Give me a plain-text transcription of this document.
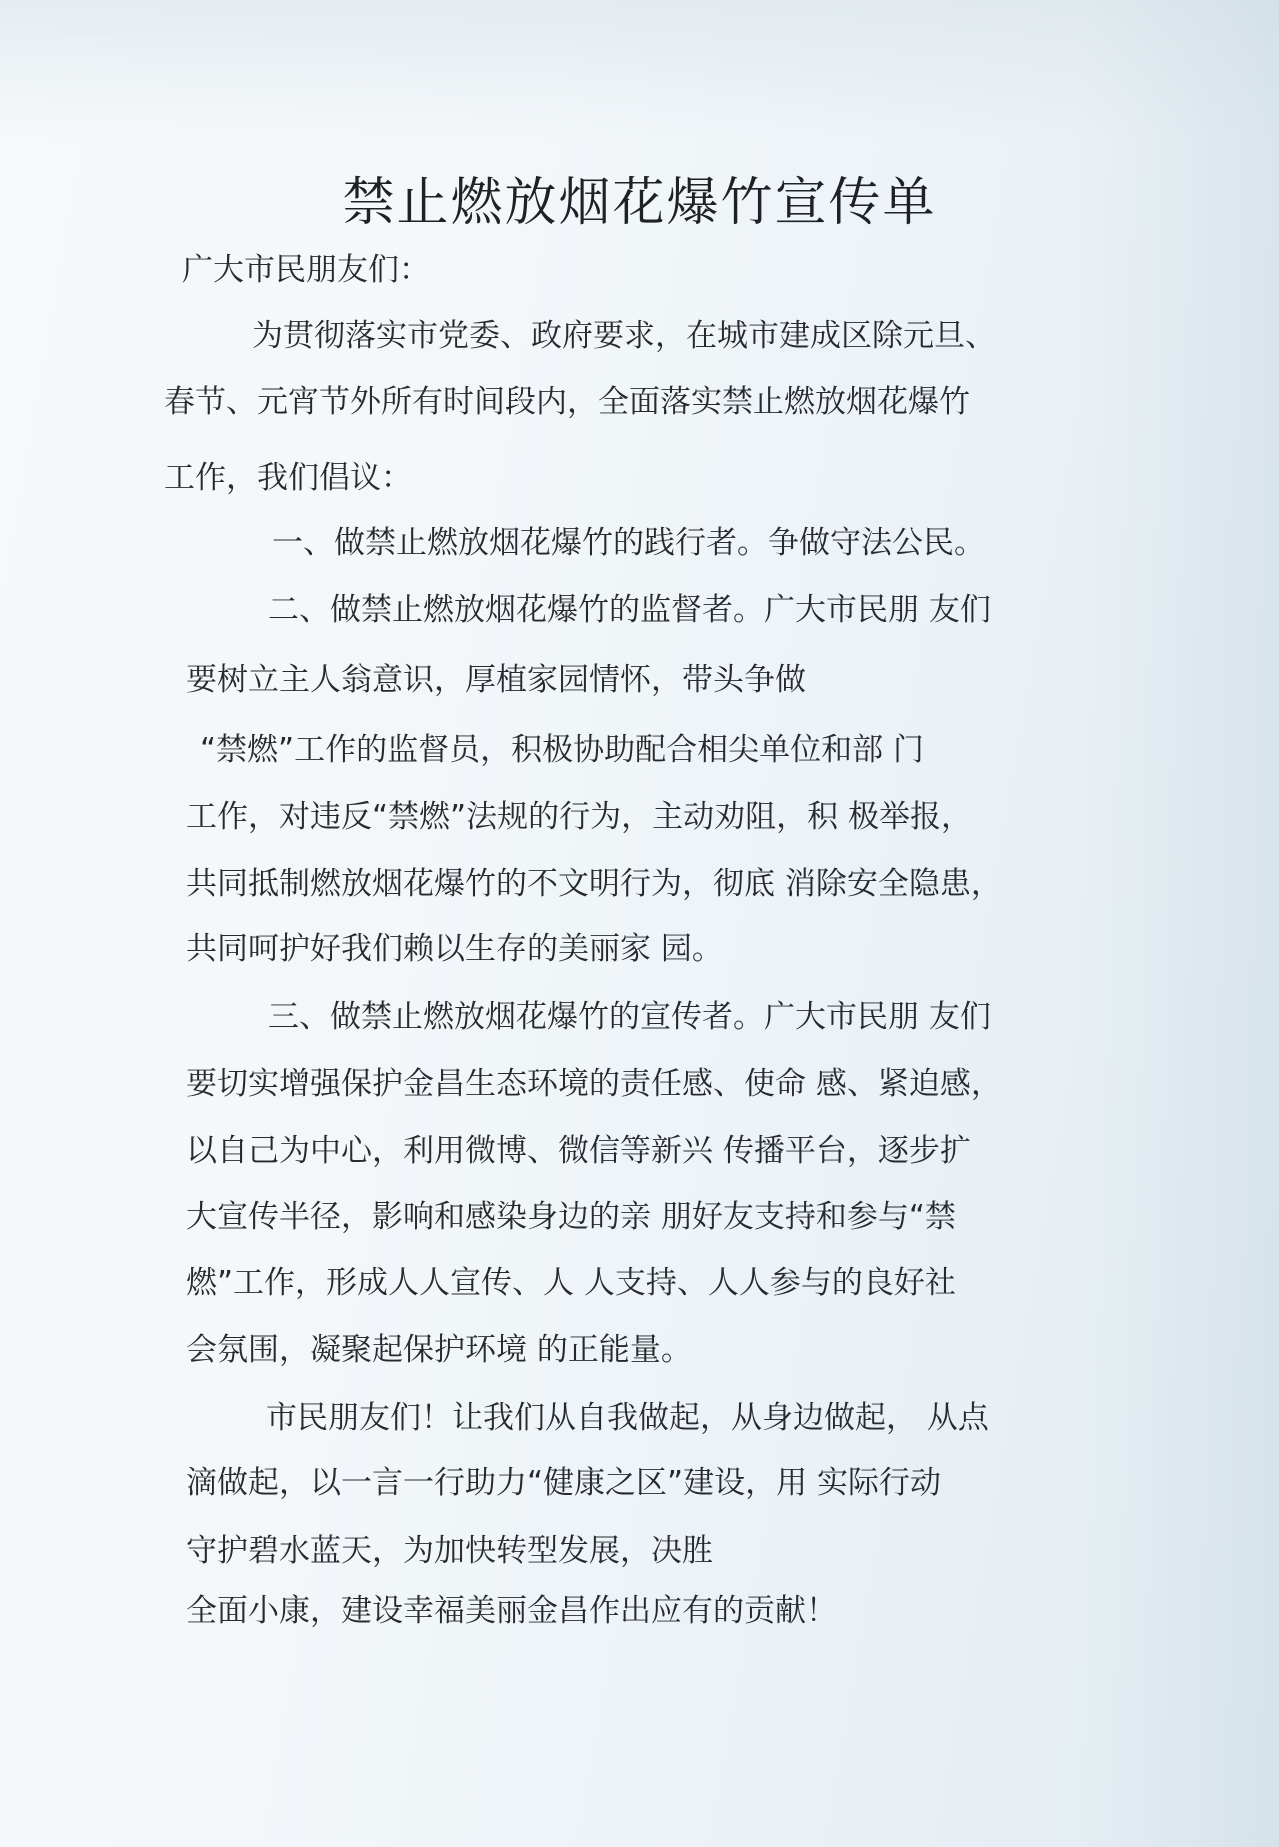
禁止燃放烟花爆竹宣传单
广大市民朋友们：
为贯彻落实市党委、政府要求，在城市建成区除元旦、
春节、元宵节外所有时间段内，全面落实禁止燃放烟花爆竹
工作，我们倡议：
一、做禁止燃放烟花爆竹的践行者。争做守法公民。
二、做禁止燃放烟花爆竹的监督者。广大市民朋 友们
要树立主人翁意识，厚植家园情怀，带头争做
“禁燃”工作的监督员，积极协助配合相尖单位和部 门
工作，对违反“禁燃”法规的行为，主动劝阻，积 极举报，
共同抵制燃放烟花爆竹的不文明行为，彻底 消除安全隐患，
共同呵护好我们赖以生存的美丽家 园。
三、做禁止燃放烟花爆竹的宣传者。广大市民朋 友们
要切实增强保护金昌生态环境的责任感、使命 感、紧迫感，
以自己为中心，利用微博、微信等新兴 传播平台，逐步扩
大宣传半径，影响和感染身边的亲 朋好友支持和参与“禁
燃”工作，形成人人宣传、人 人支持、人人参与的良好社
会氛围，凝聚起保护环境 的正能量。
市民朋友们！让我们从自我做起，从身边做起， 从点
滴做起，以一言一行助力“健康之区”建设，用 实际行动
守护碧水蓝天，为加快转型发展，决胜
全面小康，建设幸福美丽金昌作出应有的贡献！
